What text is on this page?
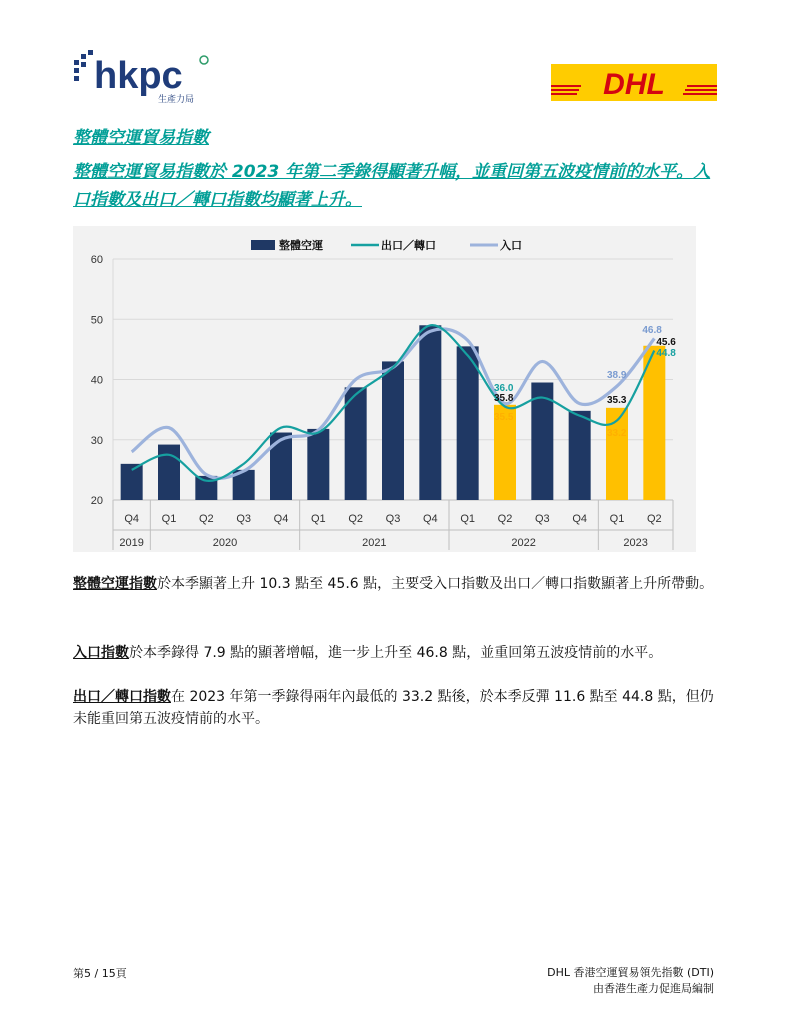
hkpc
生產力局	DHL
整體空運貿易指數

整體空運貿易指數於 2023 年第二季錄得顯著升幅，並重回第五波疫情前的水平。入口指數及出口／轉口指數均顯著上升。

20
30
40
50
60
36.0
35.8
35.5
38.9
35.3
33.2
46.8
45.6
44.8
Q4 Q1 Q2 Q3 Q4 Q1 Q2 Q3 Q4 Q1 Q2 Q3 Q4 Q1 Q2
2019	2020	2021	2022	2023
整體空運	出口／轉口	入口

整體空運指數於本季顯著上升 10.3 點至 45.6 點，主要受入口指數及出口／轉口指數顯著上升所帶動。

入口指數於本季錄得 7.9 點的顯著增幅，進一步上升至 46.8 點，並重回第五波疫情前的水平。

出口／轉口指數在 2023 年第一季錄得兩年內最低的 33.2 點後，於本季反彈 11.6 點至 44.8 點，但仍未能重回第五波疫情前的水平。

第5 / 15頁	DHL 香港空運貿易領先指數 (DTI)
由香港生產力促進局編制
